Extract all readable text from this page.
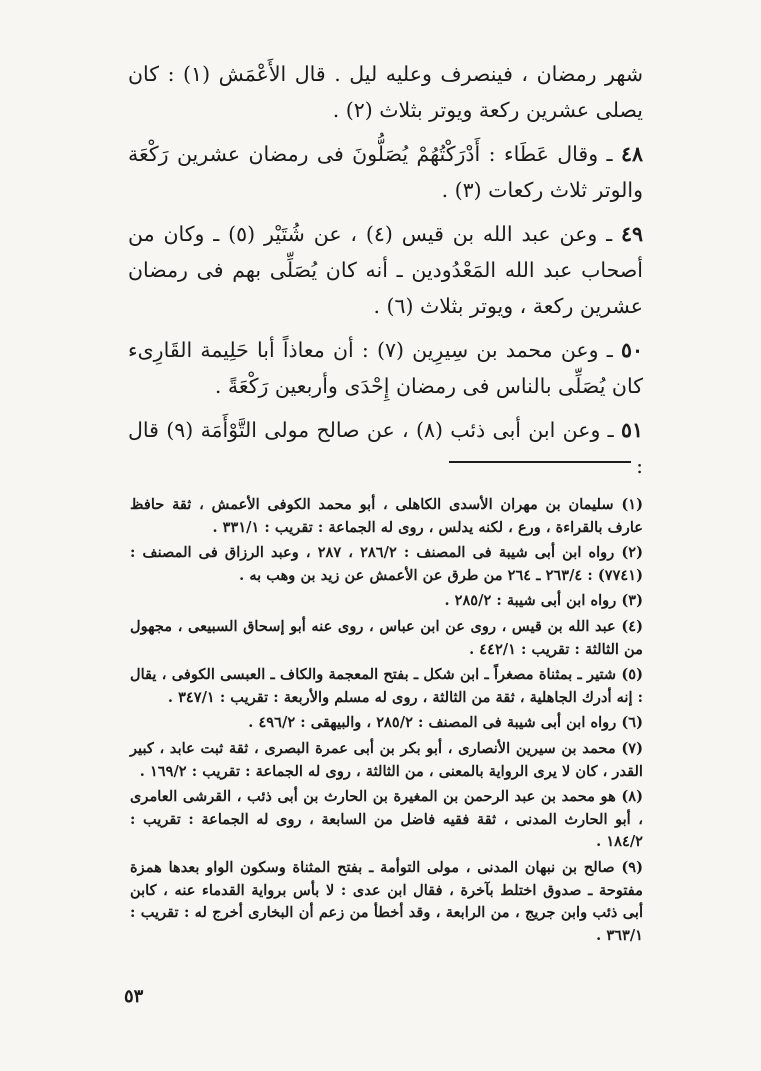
شهر رمضان ، فينصرف وعليه ليل . قال الأَعْمَش (١) : كان يصلى عشرين ركعة ويوتر بثلاث (٢) .

٤٨ ـ وقال عَطَاء : أَدْرَكْتُهُمْ يُصَلُّونَ فى رمضان عشرين رَكْعَة والوتر ثلاث ركعات (٣) .

٤٩ ـ وعن عبد الله بن قيس (٤) ، عن شُتَيْر (٥) ـ وكان من أصحاب عبد الله المَعْدُودين ـ أنه كان يُصَلِّى بهم فى رمضان عشرين ركعة ، ويوتر بثلاث (٦) .

٥٠ ـ وعن محمد بن سِيرِين (٧) : أن معاذاً أبا حَلِيمة القَارِىء كان يُصَلِّى بالناس فى رمضان إِحْدَى وأربعين رَكْعَةً .

٥١ ـ وعن ابن أبى ذئب (٨) ، عن صالح مولى التَّوْأَمَة (٩) قال :

(١) سليمان بن مهران الأسدى الكاهلى ، أبو محمد الكوفى الأعمش ، ثقة حافظ عارف بالقراءة ، ورع ، لكنه يدلس ، روى له الجماعة : تقريب : ٣٣١/١ .

(٢) رواه ابن أبى شيبة فى المصنف : ٢٨٦/٢ ، ٢٨٧ ، وعبد الرزاق فى المصنف : (٧٧٤١) : ٢٦٣/٤ ـ ٢٦٤ من طرق عن الأعمش عن زيد بن وهب به .

(٣) رواه ابن أبى شيبة : ٢٨٥/٢ .

(٤) عبد الله بن قيس ، روى عن ابن عباس ، روى عنه أبو إسحاق السبيعى ، مجهول من الثالثة : تقريب : ٤٤٢/١ .

(٥) شتير ـ بمثناة مصغراً ـ ابن شكل ـ بفتح المعجمة والكاف ـ العبسى الكوفى ، يقال : إنه أدرك الجاهلية ، ثقة من الثالثة ، روى له مسلم والأربعة : تقريب : ٣٤٧/١ .

(٦) رواه ابن أبى شيبة فى المصنف : ٢٨٥/٢ ، والبيهقى : ٤٩٦/٢ .

(٧) محمد بن سيرين الأنصارى ، أبو بكر بن أبى عمرة البصرى ، ثقة ثبت عابد ، كبير القدر ، كان لا يرى الرواية بالمعنى ، من الثالثة ، روى له الجماعة : تقريب : ١٦٩/٢ .

(٨) هو محمد بن عبد الرحمن بن المغيرة بن الحارث بن أبى ذئب ، القرشى العامرى ، أبو الحارث المدنى ، ثقة فقيه فاضل من السابعة ، روى له الجماعة : تقريب : ١٨٤/٢ .

(٩) صالح بن نبهان المدنى ، مولى التوأمة ـ بفتح المثناة وسكون الواو بعدها همزة مفتوحة ـ صدوق اختلط بآخرة ، فقال ابن عدى : لا بأس برواية القدماء عنه ، كابن أبى ذئب وابن جريج ، من الرابعة ، وقد أخطأ من زعم أن البخارى أخرج له : تقريب : ٣٦٣/١ .

٥٣
